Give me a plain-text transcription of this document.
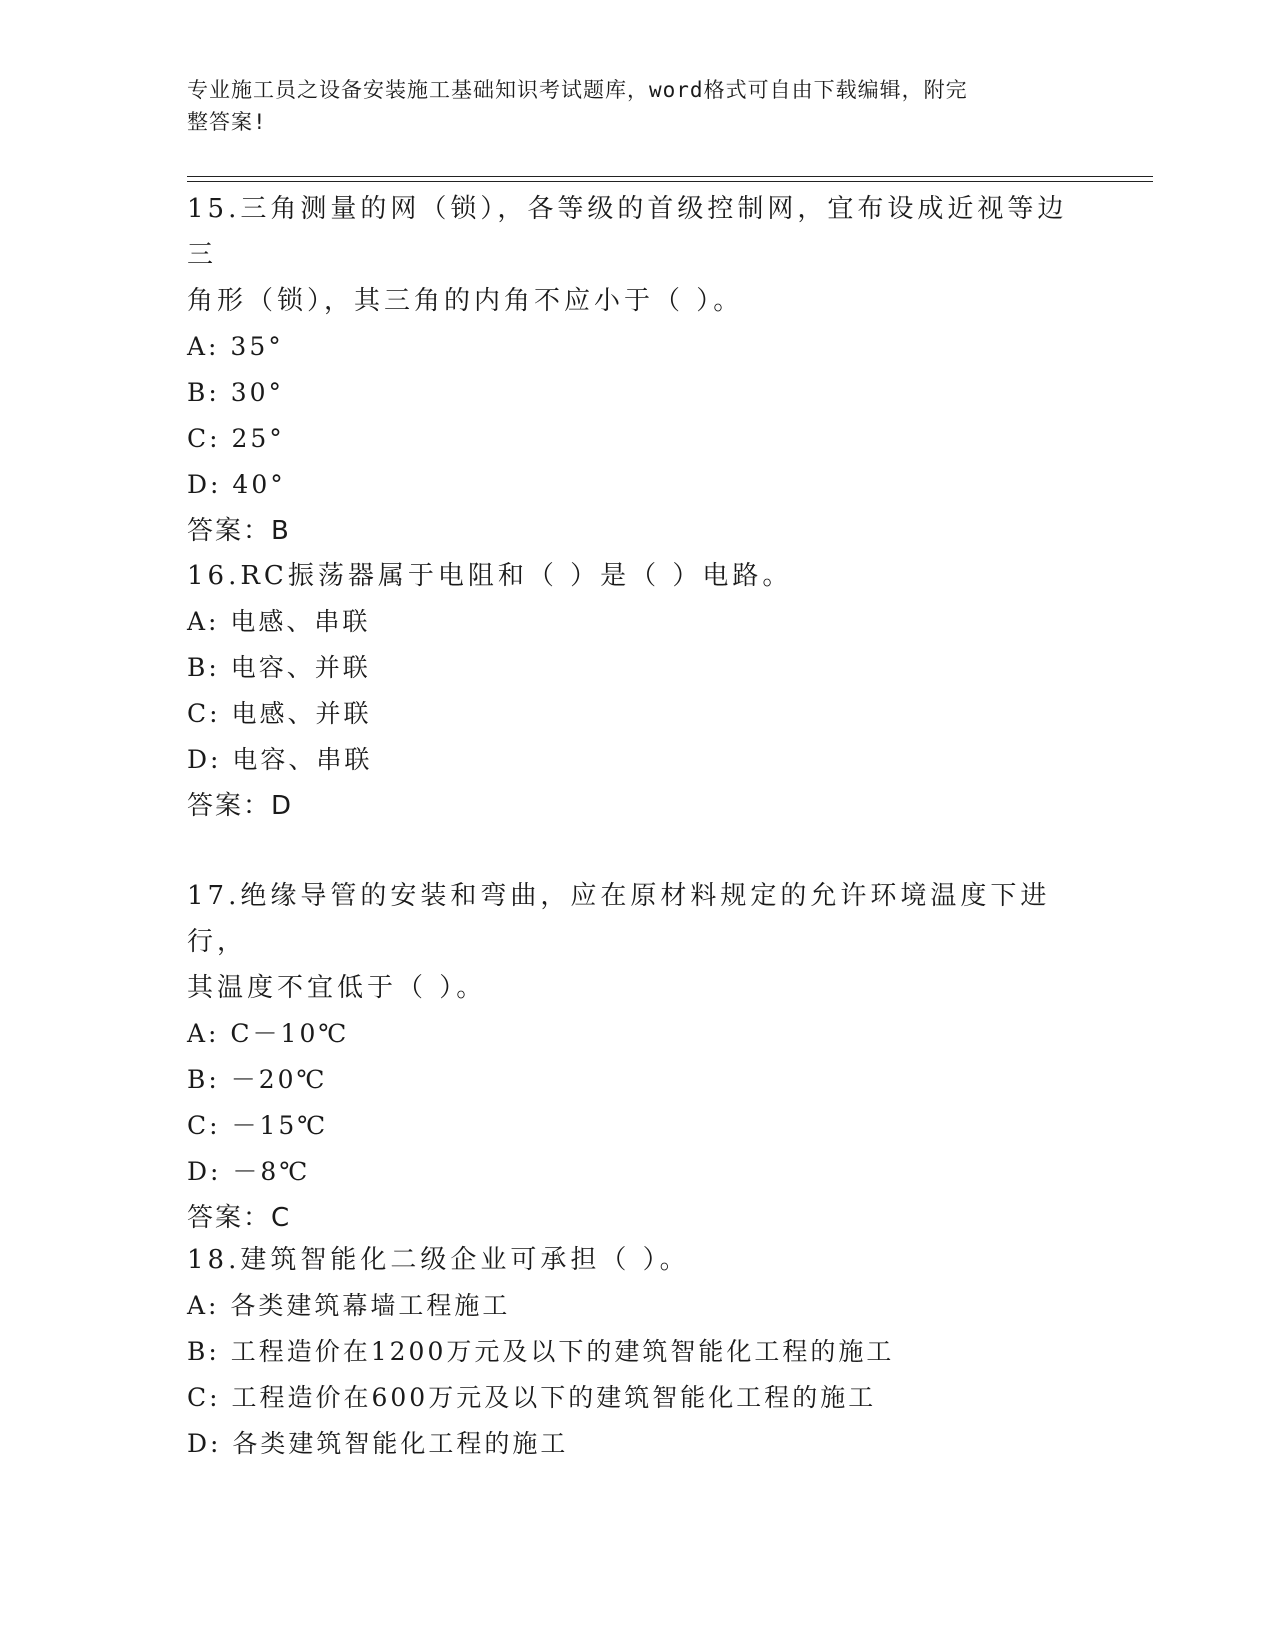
专业施工员之设备安装施工基础知识考试题库，word格式可自由下载编辑，附完
整答案!

15.三角测量的网（锁），各等级的首级控制网，宜布设成近视等边三

角形（锁），其三角的内角不应小于（ ）。

A: 35°

B: 30°

C: 25°

D: 40°

答案：B

16.RC振荡器属于电阻和（ ）是（ ）电路。

A: 电感、串联

B: 电容、并联

C: 电感、并联

D: 电容、串联

答案：D

17.绝缘导管的安装和弯曲，应在原材料规定的允许环境温度下进行，

其温度不宜低于（ ）。

A: C－10℃

B: －20℃

C: －15℃

D: －8℃

答案：C

18.建筑智能化二级企业可承担（ ）。

A: 各类建筑幕墙工程施工

B: 工程造价在1200万元及以下的建筑智能化工程的施工

C: 工程造价在600万元及以下的建筑智能化工程的施工

D: 各类建筑智能化工程的施工
